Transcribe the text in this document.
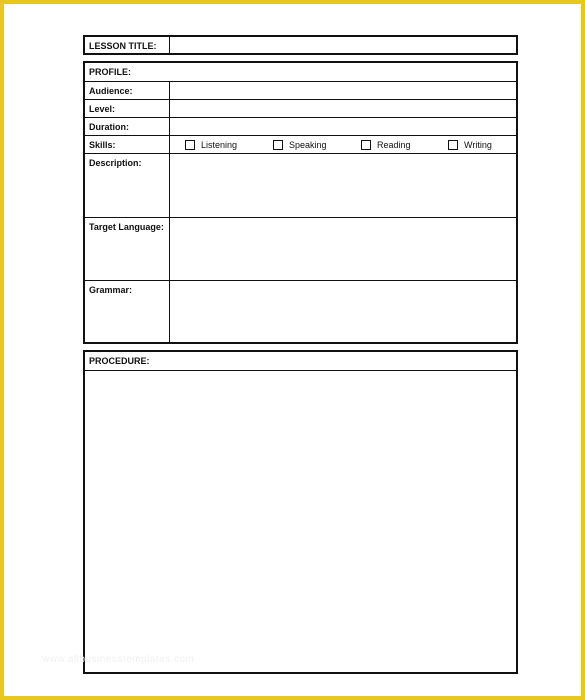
LESSON TITLE:
PROFILE:
Audience:
Level:
Duration:
Skills:	Listening	Speaking	Reading	Writing
Description:
Target Language:
Grammar:
PROCEDURE:
www.allbusinesstemplates.com
